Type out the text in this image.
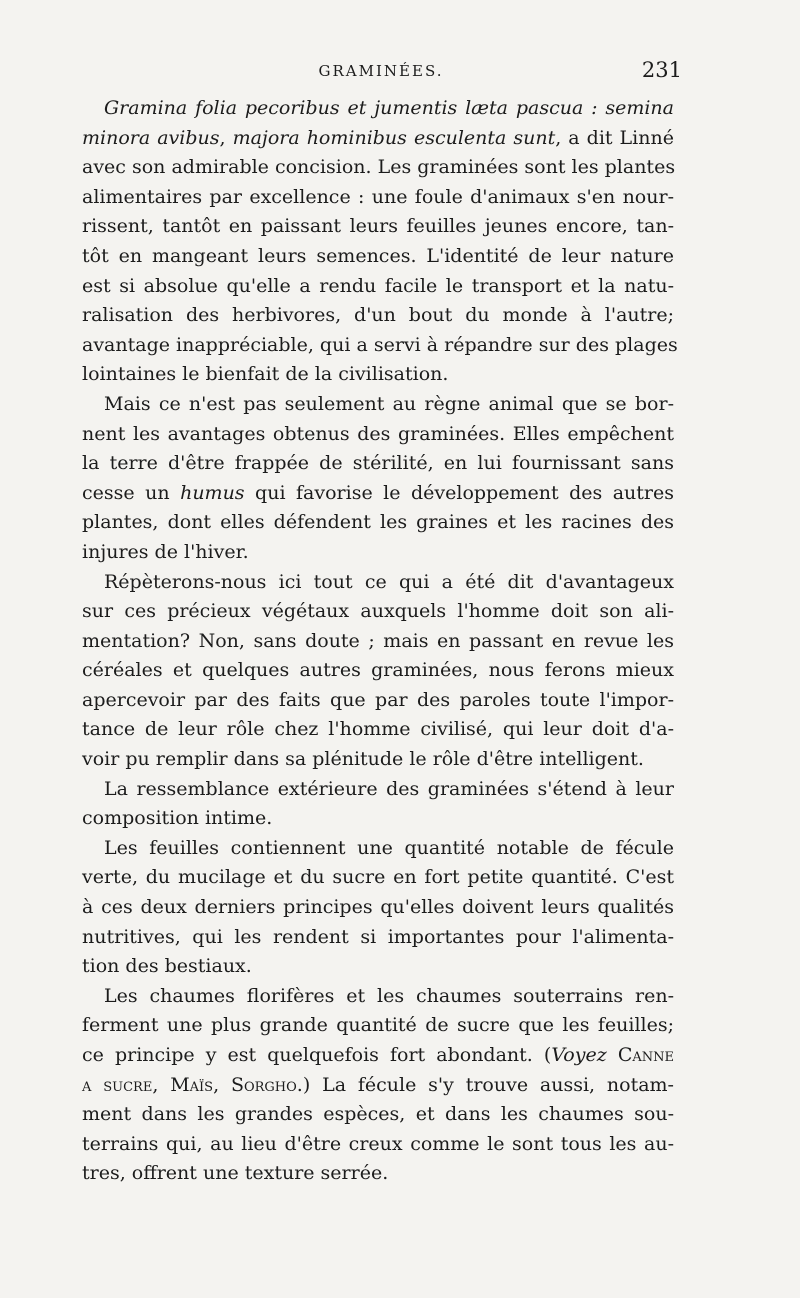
GRAMINÉES.	231
Gramina folia pecoribus et jumentis læta pascua : semina
minora avibus, majora hominibus esculenta sunt, a dit Linné
avec son admirable concision. Les graminées sont les plantes
alimentaires par excellence : une foule d'animaux s'en nour-
rissent, tantôt en paissant leurs feuilles jeunes encore, tan-
tôt en mangeant leurs semences. L'identité de leur nature
est si absolue qu'elle a rendu facile le transport et la natu-
ralisation des herbivores, d'un bout du monde à l'autre;
avantage inappréciable, qui a servi à répandre sur des plages
lointaines le bienfait de la civilisation.
Mais ce n'est pas seulement au règne animal que se bor-
nent les avantages obtenus des graminées. Elles empêchent
la terre d'être frappée de stérilité, en lui fournissant sans
cesse un humus qui favorise le développement des autres
plantes, dont elles défendent les graines et les racines des
injures de l'hiver.
Répèterons-nous ici tout ce qui a été dit d'avantageux
sur ces précieux végétaux auxquels l'homme doit son ali-
mentation? Non, sans doute ; mais en passant en revue les
céréales et quelques autres graminées, nous ferons mieux
apercevoir par des faits que par des paroles toute l'impor-
tance de leur rôle chez l'homme civilisé, qui leur doit d'a-
voir pu remplir dans sa plénitude le rôle d'être intelligent.
La ressemblance extérieure des graminées s'étend à leur
composition intime.
Les feuilles contiennent une quantité notable de fécule
verte, du mucilage et du sucre en fort petite quantité. C'est
à ces deux derniers principes qu'elles doivent leurs qualités
nutritives, qui les rendent si importantes pour l'alimenta-
tion des bestiaux.
Les chaumes florifères et les chaumes souterrains ren-
ferment une plus grande quantité de sucre que les feuilles;
ce principe y est quelquefois fort abondant. (Voyez Canne
a sucre, Maïs, Sorgho.) La fécule s'y trouve aussi, notam-
ment dans les grandes espèces, et dans les chaumes sou-
terrains qui, au lieu d'être creux comme le sont tous les au-
tres, offrent une texture serrée.
